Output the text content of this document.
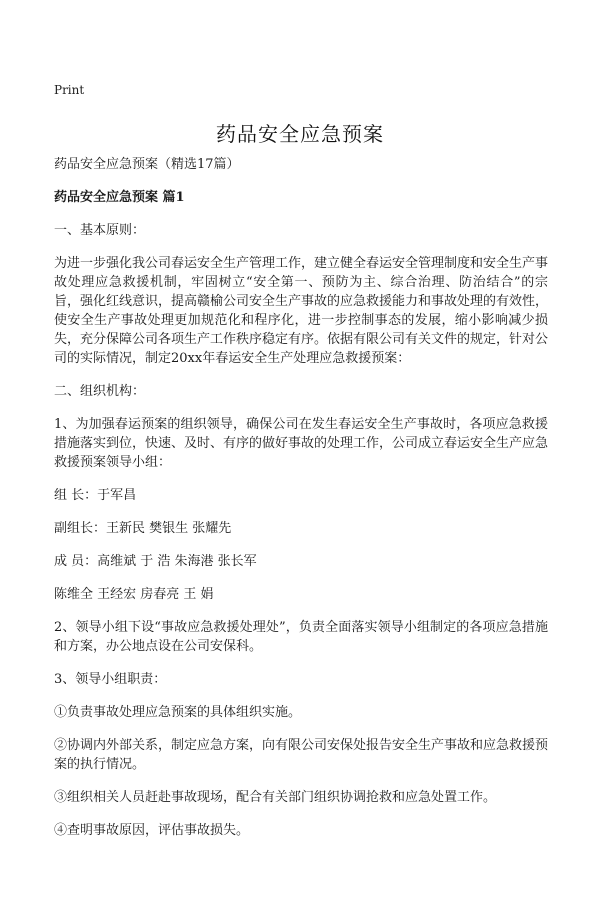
Print
药品安全应急预案

药品安全应急预案（精选17篇）

药品安全应急预案 篇1

一、基本原则：

为进一步强化我公司春运安全生产管理工作，建立健全春运安全管理制度和安全生产事故处理应急救援机制，牢固树立“安全第一、预防为主、综合治理、防治结合”的宗旨，强化红线意识，提高赣榆公司安全生产事故的应急救援能力和事故处理的有效性，使安全生产事故处理更加规范化和程序化，进一步控制事态的发展，缩小影响减少损失，充分保障公司各项生产工作秩序稳定有序。依据有限公司有关文件的规定，针对公司的实际情况，制定20xx年春运安全生产处理应急救援预案：

二、组织机构：

1、为加强春运预案的组织领导，确保公司在发生春运安全生产事故时，各项应急救援措施落实到位，快速、及时、有序的做好事故的处理工作，公司成立春运安全生产应急救援预案领导小组：

组 长：于军昌

副组长：王新民 樊银生 张耀先

成 员：高维斌 于 浩 朱海港 张长军

陈维全 王经宏 房春亮 王 娟

2、领导小组下设“事故应急救援处理处”，负责全面落实领导小组制定的各项应急措施和方案，办公地点设在公司安保科。

3、领导小组职责：

①负责事故处理应急预案的具体组织实施。

②协调内外部关系，制定应急方案，向有限公司安保处报告安全生产事故和应急救援预案的执行情况。

③组织相关人员赶赴事故现场，配合有关部门组织协调抢救和应急处置工作。

④查明事故原因，评估事故损失。
